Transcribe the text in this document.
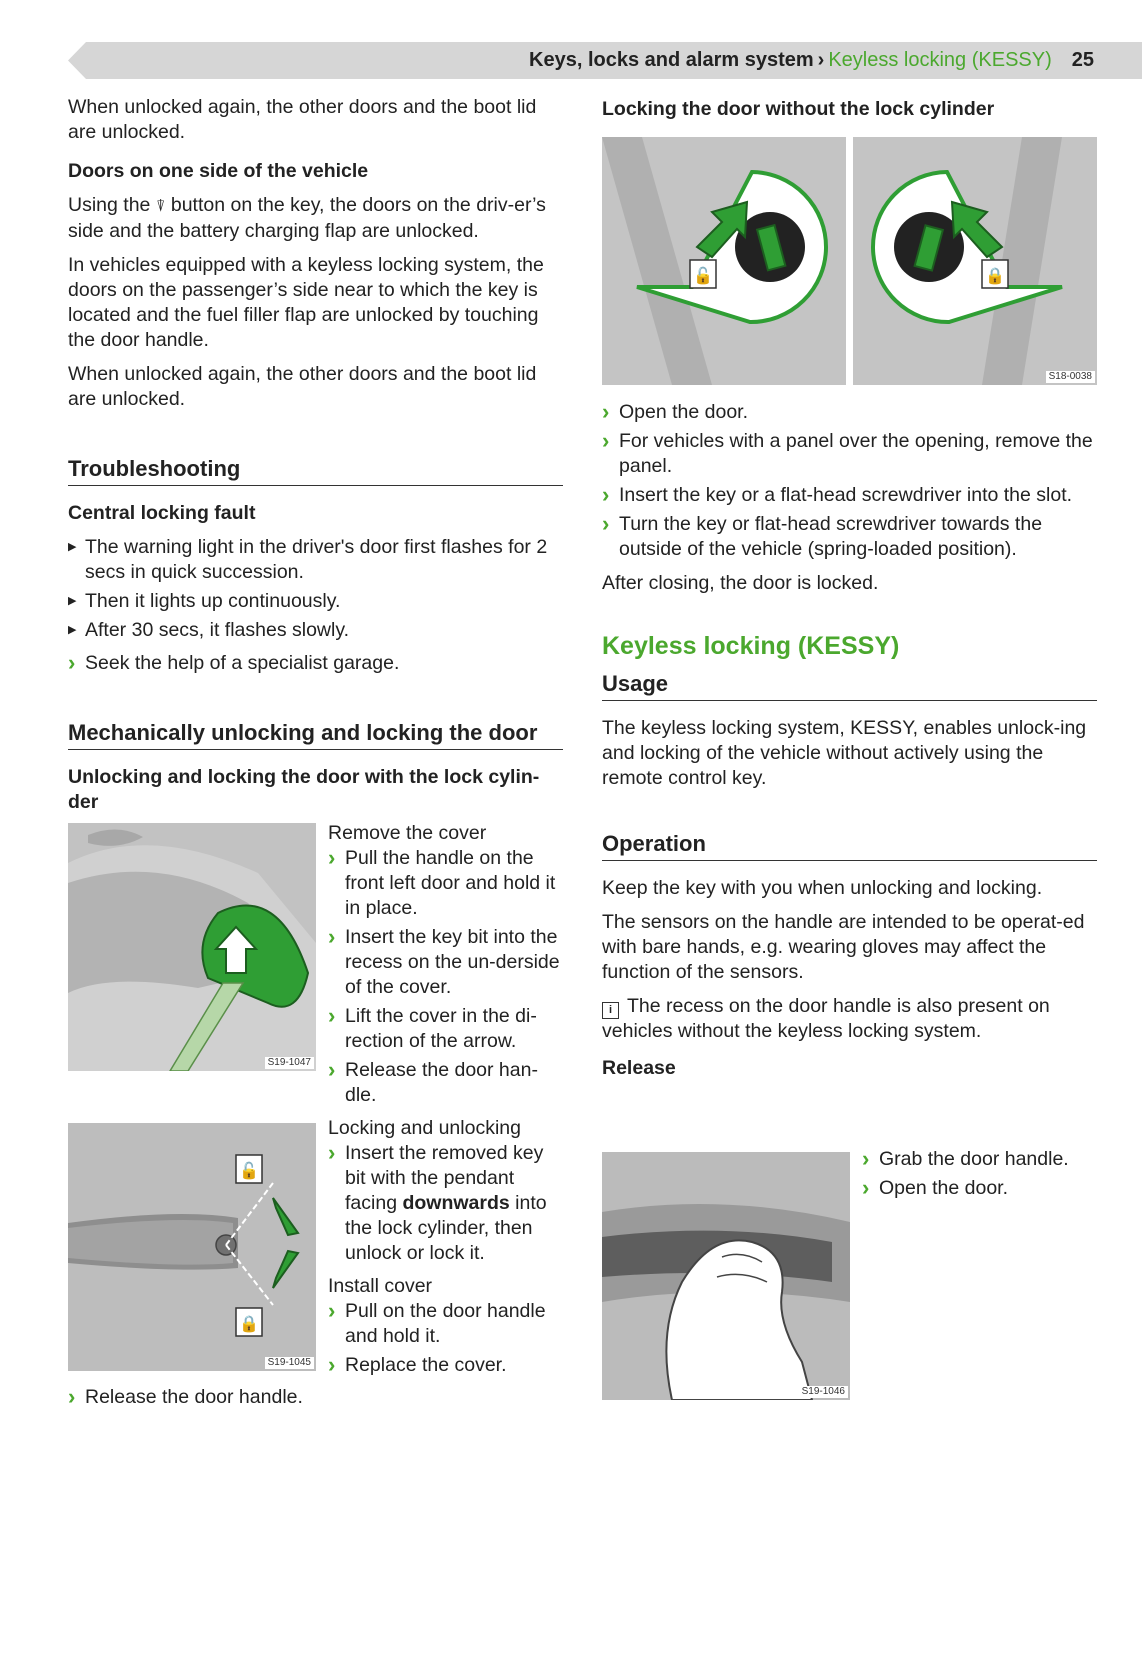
Keys, locks and alarm system › Keyless locking (KESSY) 25

When unlocked again, the other doors and the boot lid are unlocked.

Doors on one side of the vehicle

Using the ⍒ button on the key, the doors on the driv-er’s side and the battery charging flap are unlocked.

In vehicles equipped with a keyless locking system, the doors on the passenger’s side near to which the key is located and the fuel filler flap are unlocked by touching the door handle.

When unlocked again, the other doors and the boot lid are unlocked.

Troubleshooting

Central locking fault

▶ The warning light in the driver's door first flashes for 2 secs in quick succession.
▶ Then it lights up continuously.
▶ After 30 secs, it flashes slowly.
› Seek the help of a specialist garage.
Mechanically unlocking and locking the door

Unlocking and locking the door with the lock cylin-der

S19-1047
🔓
🔒
S19-1045

Remove the cover

› Pull the handle on the front left door and hold it in place.
› Insert the key bit into the recess on the un-derside of the cover.
› Lift the cover in the di-rection of the arrow.
› Release the door han-dle.

Locking and unlocking

› Insert the removed key bit with the pendant facing downwards into the lock cylinder, then unlock or lock it.

Install cover

› Pull on the door handle and hold it.
› Replace the cover.
› Release the door handle.

Locking the door without the lock cylinder

🔓	🔒
S18-0038
› Open the door.
› For vehicles with a panel over the opening, remove the panel.
› Insert the key or a flat-head screwdriver into the slot.
› Turn the key or flat-head screwdriver towards the outside of the vehicle (spring-loaded position).

After closing, the door is locked.

Keyless locking (KESSY)
Usage

The keyless locking system, KESSY, enables unlock-ing and locking of the vehicle without actively using the remote control key.

Operation

Keep the key with you when unlocking and locking.

The sensors on the handle are intended to be operat-ed with bare hands, e.g. wearing gloves may affect the function of the sensors.

i The recess on the door handle is also present on vehicles without the keyless locking system.

Release

S19-1046
› Grab the door handle.
› Open the door.
